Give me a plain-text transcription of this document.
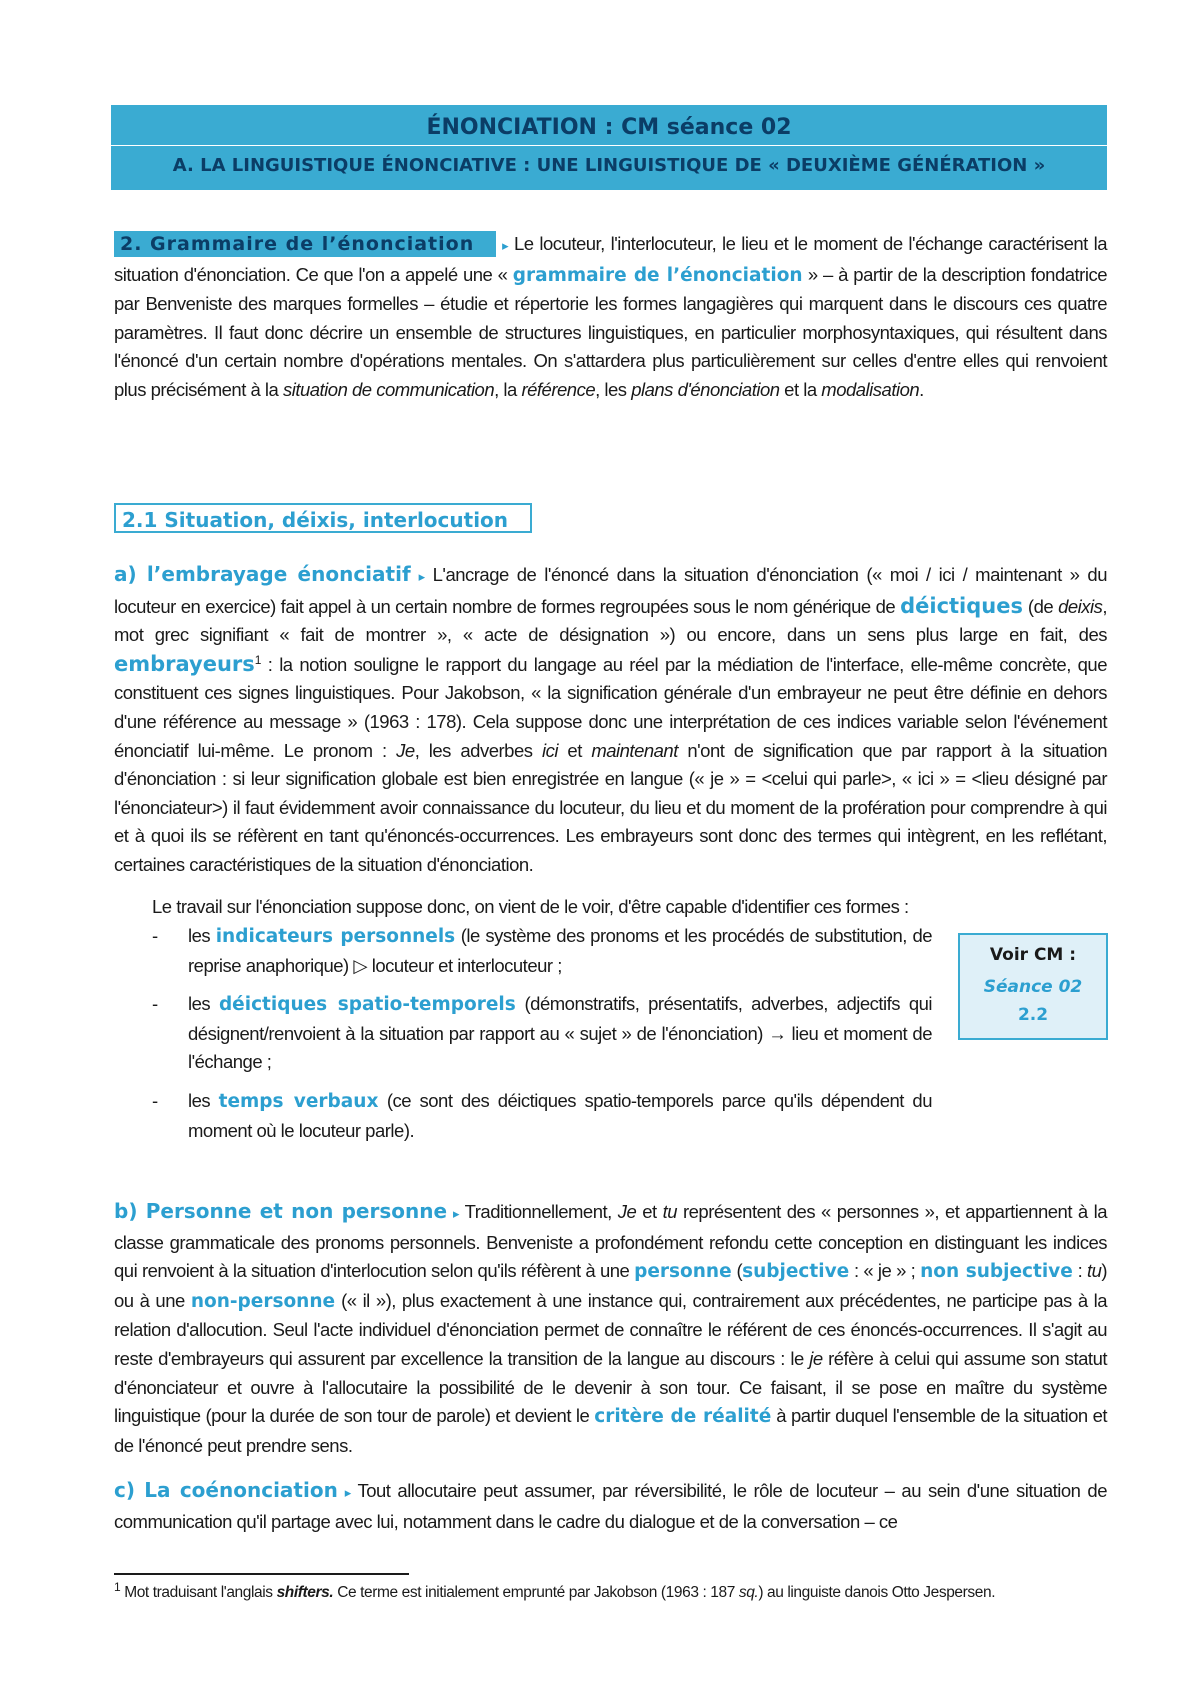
ÉNONCIATION : CM séance 02
A. LA LINGUISTIQUE ÉNONCIATIVE : UNE LINGUISTIQUE DE « DEUXIÈME GÉNÉRATION »
2. Grammaire de l’énonciation ▸ Le locuteur, l'interlocuteur, le lieu et le moment de l'échange caractérisent la situation d'énonciation. Ce que l'on a appelé une « grammaire de l’énonciation » – à partir de la description fondatrice par Benveniste des marques formelles – étudie et répertorie les formes langagières qui marquent dans le discours ces quatre paramètres. Il faut donc décrire un ensemble de structures linguistiques, en particulier morphosyntaxiques, qui résultent dans l'énoncé d'un certain nombre d'opérations mentales. On s'attardera plus particulièrement sur celles d'entre elles qui renvoient plus précisément à la situation de communication, la référence, les plans d'énonciation et la modalisation.
2.1 Situation, déixis, interlocution
a) l’embrayage énonciatif ▸ L'ancrage de l'énoncé dans la situation d'énonciation (« moi / ici / maintenant » du locuteur en exercice) fait appel à un certain nombre de formes regroupées sous le nom générique de déictiques (de deixis, mot grec signifiant « fait de montrer », « acte de désignation ») ou encore, dans un sens plus large en fait, des embrayeurs$^1$ : la notion souligne le rapport du langage au réel par la médiation de l'interface, elle-même concrète, que constituent ces signes linguistiques. Pour Jakobson, « la signification générale d'un embrayeur ne peut être définie en dehors d'une référence au message » (1963 : 178). Cela suppose donc une interprétation de ces indices variable selon l'événement énonciatif lui-même. Le pronom : Je, les adverbes ici et maintenant n'ont de signification que par rapport à la situation d'énonciation : si leur signification globale est bien enregistrée en langue (« je » = <celui qui parle>, « ici » = <lieu désigné par l'énonciateur>) il faut évidemment avoir connaissance du locuteur, du lieu et du moment de la profération pour comprendre à qui et à quoi ils se réfèrent en tant qu'énoncés-occurrences. Les embrayeurs sont donc des termes qui intègrent, en les reflétant, certaines caractéristiques de la situation d'énonciation.
Le travail sur l'énonciation suppose donc, on vient de le voir, d'être capable d'identifier ces formes :
- les indicateurs personnels (le système des pronoms et les procédés de substitution, de reprise anaphorique) ▷ locuteur et interlocuteur ;
- les déictiques spatio-temporels (démonstratifs, présentatifs, adverbes, adjectifs qui désignent/renvoient à la situation par rapport au « sujet » de l'énonciation) → lieu et moment de l'échange ;
- les temps verbaux (ce sont des déictiques spatio-temporels parce qu'ils dépendent du moment où le locuteur parle).
Voir CM :
Séance 02
2.2
b) Personne et non personne ▸ Traditionnellement, Je et tu représentent des « personnes », et appartiennent à la classe grammaticale des pronoms personnels. Benveniste a profondément refondu cette conception en distinguant les indices qui renvoient à la situation d'interlocution selon qu'ils réfèrent à une personne (subjective : « je » ; non subjective : tu) ou à une non-personne (« il »), plus exactement à une instance qui, contrairement aux précédentes, ne participe pas à la relation d'allocution. Seul l'acte individuel d'énonciation permet de connaître le référent de ces énoncés-occurrences. Il s'agit au reste d'embrayeurs qui assurent par excellence la transition de la langue au discours : le je réfère à celui qui assume son statut d'énonciateur et ouvre à l'allocutaire la possibilité de le devenir à son tour. Ce faisant, il se pose en maître du système linguistique (pour la durée de son tour de parole) et devient le critère de réalité à partir duquel l'ensemble de la situation et de l'énoncé peut prendre sens.
c) La coénonciation ▸ Tout allocutaire peut assumer, par réversibilité, le rôle de locuteur – au sein d'une situation de communication qu'il partage avec lui, notamment dans le cadre du dialogue et de la conversation – ce
$^1$ Mot traduisant l'anglais shifters. Ce terme est initialement emprunté par Jakobson (1963 : 187 sq.) au linguiste danois Otto Jespersen.
